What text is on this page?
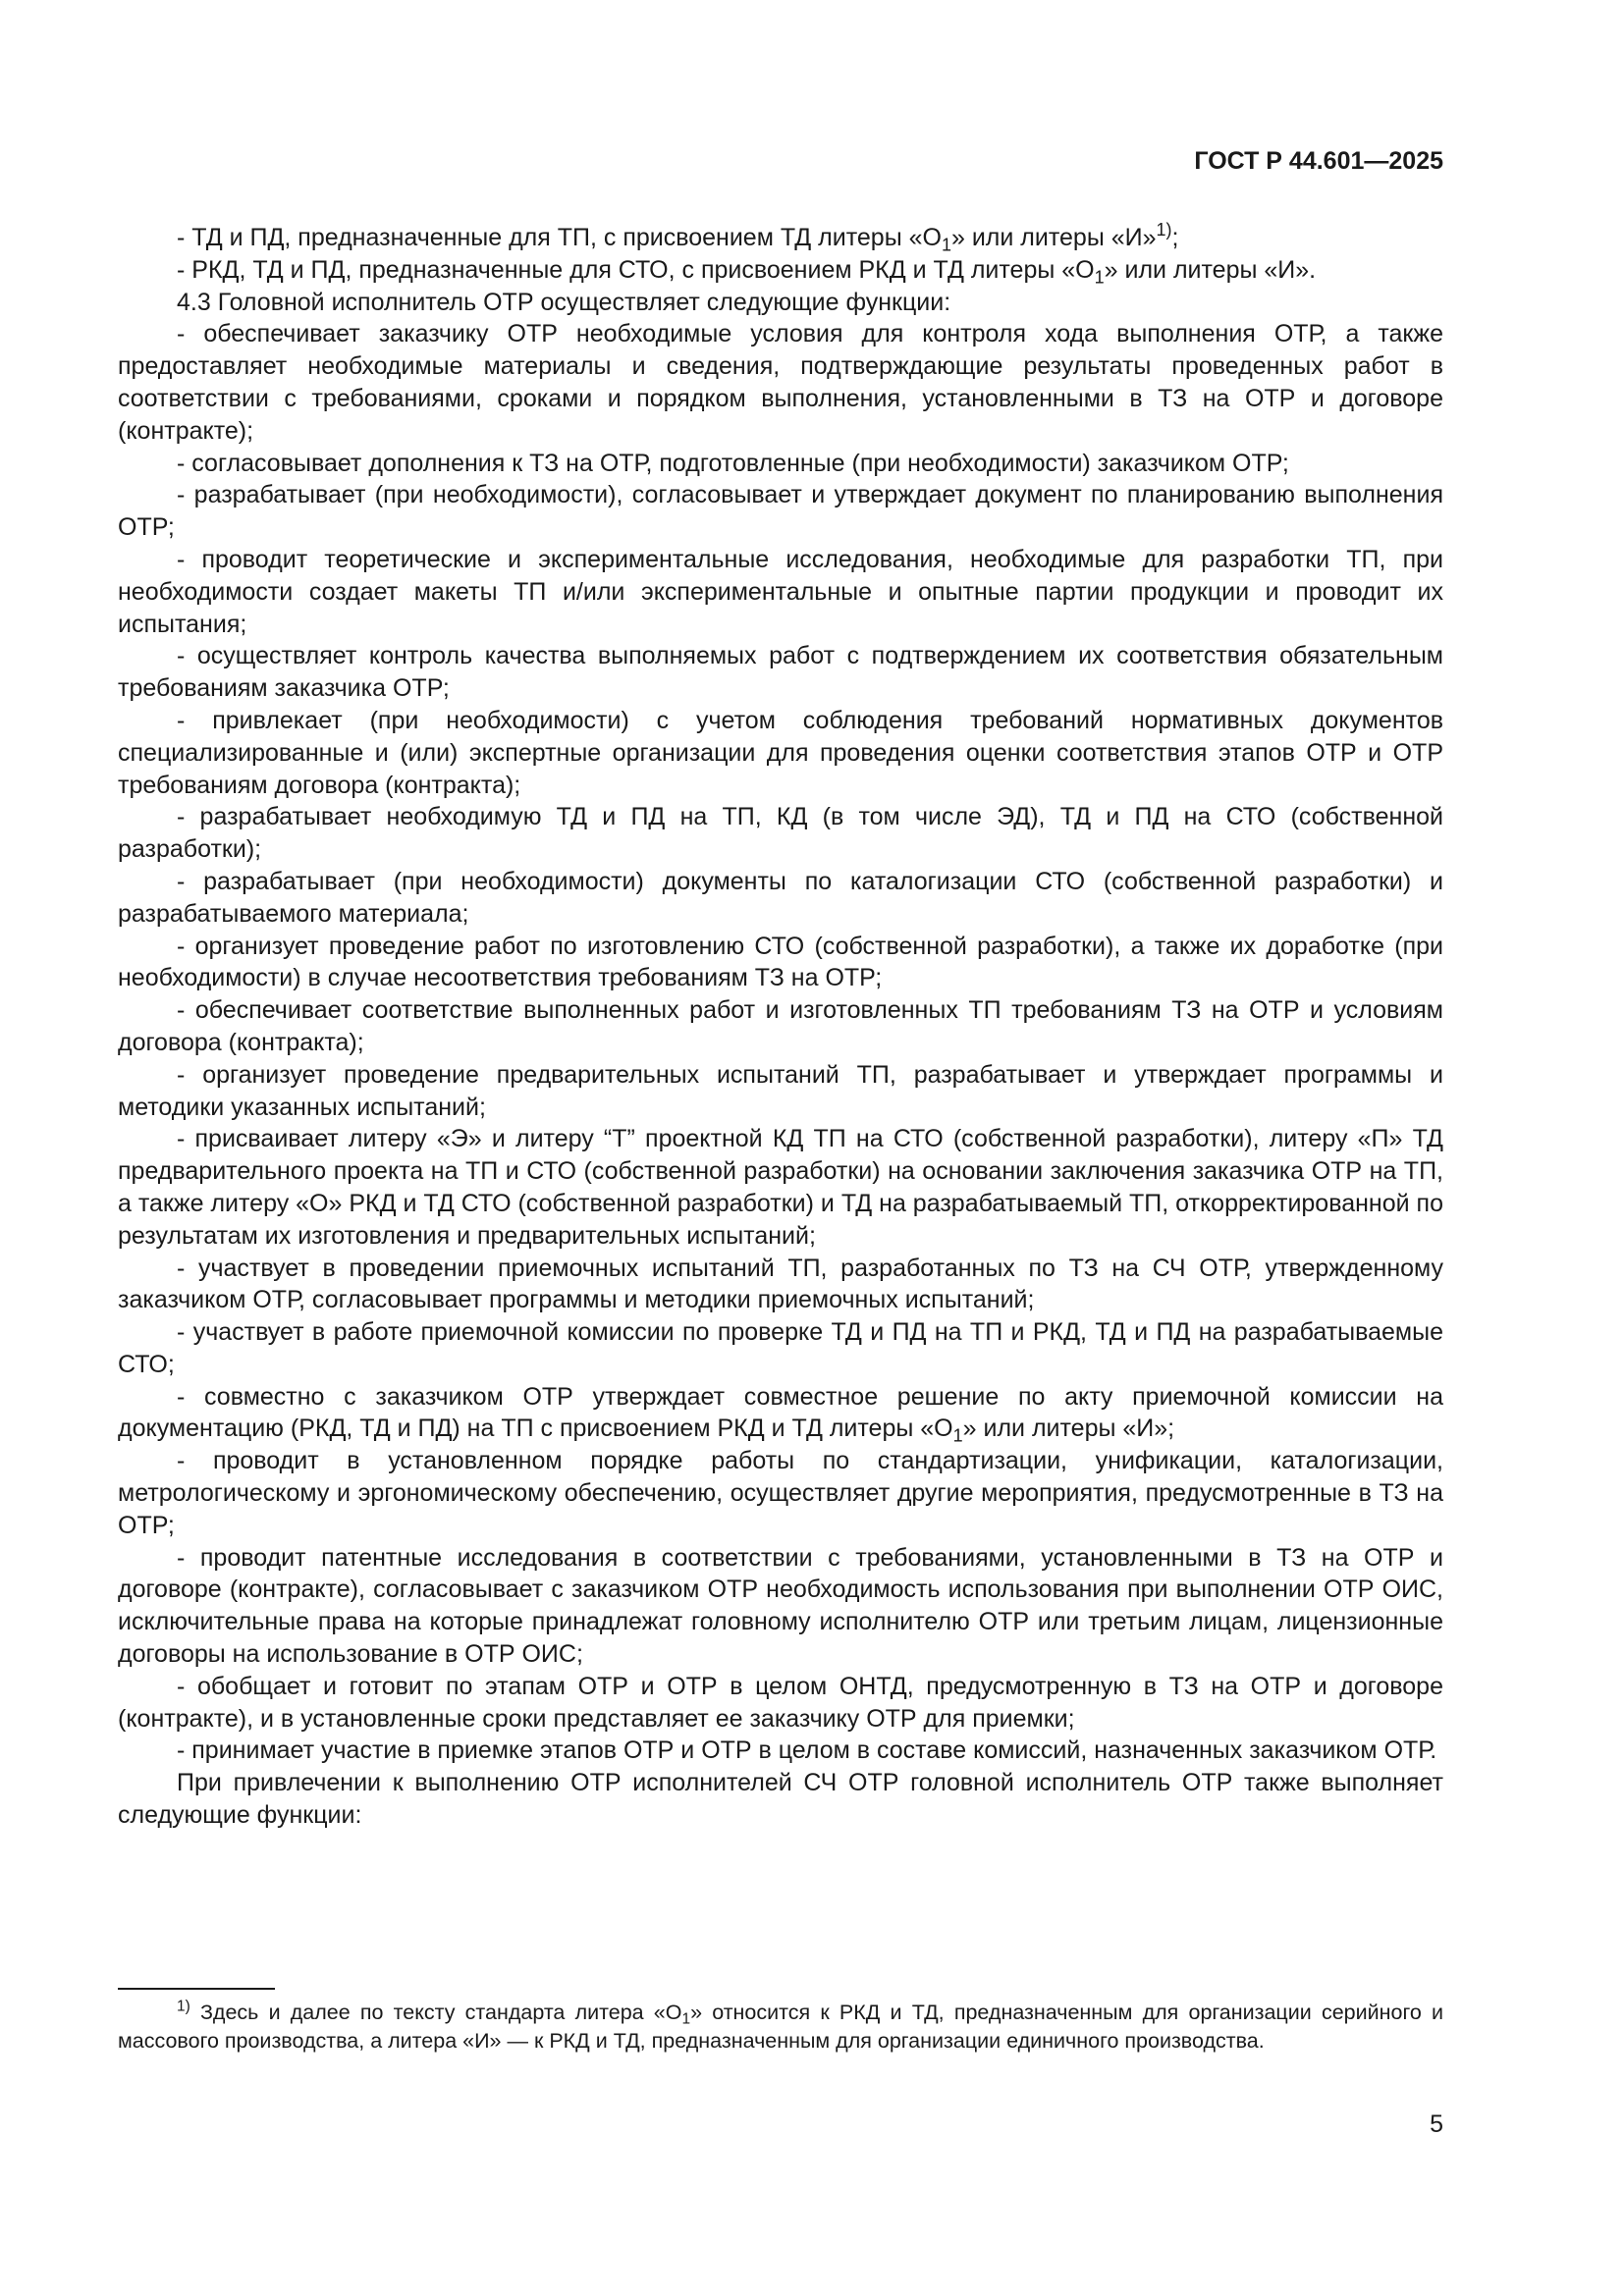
ГОСТ Р 44.601—2025

- ТД и ПД, предназначенные для ТП, с присвоением ТД литеры «$О_1$» или литеры «И»$^{1)}$;

- РКД, ТД и ПД, предназначенные для СТО, с присвоением РКД и ТД литеры «$О_1$» или литеры «И».

4.3 Головной исполнитель ОТР осуществляет следующие функции:

- обеспечивает заказчику ОТР необходимые условия для контроля хода выполнения ОТР, а также предоставляет необходимые материалы и сведения, подтверждающие результаты проведенных работ в соответствии с требованиями, сроками и порядком выполнения, установленными в ТЗ на ОТР и договоре (контракте);

- согласовывает дополнения к ТЗ на ОТР, подготовленные (при необходимости) заказчиком ОТР;

- разрабатывает (при необходимости), согласовывает и утверждает документ по планированию выполнения ОТР;

- проводит теоретические и экспериментальные исследования, необходимые для разработки ТП, при необходимости создает макеты ТП и/или экспериментальные и опытные партии продукции и проводит их испытания;

- осуществляет контроль качества выполняемых работ с подтверждением их соответствия обязательным требованиям заказчика ОТР;

- привлекает (при необходимости) с учетом соблюдения требований нормативных документов специализированные и (или) экспертные организации для проведения оценки соответствия этапов ОТР и ОТР требованиям договора (контракта);

- разрабатывает необходимую ТД и ПД на ТП, КД (в том числе ЭД), ТД и ПД на СТО (собственной разработки);

- разрабатывает (при необходимости) документы по каталогизации СТО (собственной разработки) и разрабатываемого материала;

- организует проведение работ по изготовлению СТО (собственной разработки), а также их доработке (при необходимости) в случае несоответствия требованиям ТЗ на ОТР;

- обеспечивает соответствие выполненных работ и изготовленных ТП требованиям ТЗ на ОТР и условиям договора (контракта);

- организует проведение предварительных испытаний ТП, разрабатывает и утверждает программы и методики указанных испытаний;

- присваивает литеру «Э» и литеру “Т” проектной КД ТП на СТО (собственной разработки), литеру «П» ТД предварительного проекта на ТП и СТО (собственной разработки) на основании заключения заказчика ОТР на ТП, а также литеру «О» РКД и ТД СТО (собственной разработки) и ТД на разрабатываемый ТП, откорректированной по результатам их изготовления и предварительных испытаний;

- участвует в проведении приемочных испытаний ТП, разработанных по ТЗ на СЧ ОТР, утвержденному заказчиком ОТР, согласовывает программы и методики приемочных испытаний;

- участвует в работе приемочной комиссии по проверке ТД и ПД на ТП и РКД, ТД и ПД на разрабатываемые СТО;

- совместно с заказчиком ОТР утверждает совместное решение по акту приемочной комиссии на документацию (РКД, ТД и ПД) на ТП с присвоением РКД и ТД литеры «$О_1$» или литеры «И»;

- проводит в установленном порядке работы по стандартизации, унификации, каталогизации, метрологическому и эргономическому обеспечению, осуществляет другие мероприятия, предусмотренные в ТЗ на ОТР;

- проводит патентные исследования в соответствии с требованиями, установленными в ТЗ на ОТР и договоре (контракте), согласовывает с заказчиком ОТР необходимость использования при выполнении ОТР ОИС, исключительные права на которые принадлежат головному исполнителю ОТР или третьим лицам, лицензионные договоры на использование в ОТР ОИС;

- обобщает и готовит по этапам ОТР и ОТР в целом ОНТД, предусмотренную в ТЗ на ОТР и договоре (контракте), и в установленные сроки представляет ее заказчику ОТР для приемки;

- принимает участие в приемке этапов ОТР и ОТР в целом в составе комиссий, назначенных заказчиком ОТР.

При привлечении к выполнению ОТР исполнителей СЧ ОТР головной исполнитель ОТР также выполняет следующие функции:

$^{1)}$ Здесь и далее по тексту стандарта литера «$О_1$» относится к РКД и ТД, предназначенным для организации серийного и массового производства, а литера «И» — к РКД и ТД, предназначенным для организации единичного производства.

5
